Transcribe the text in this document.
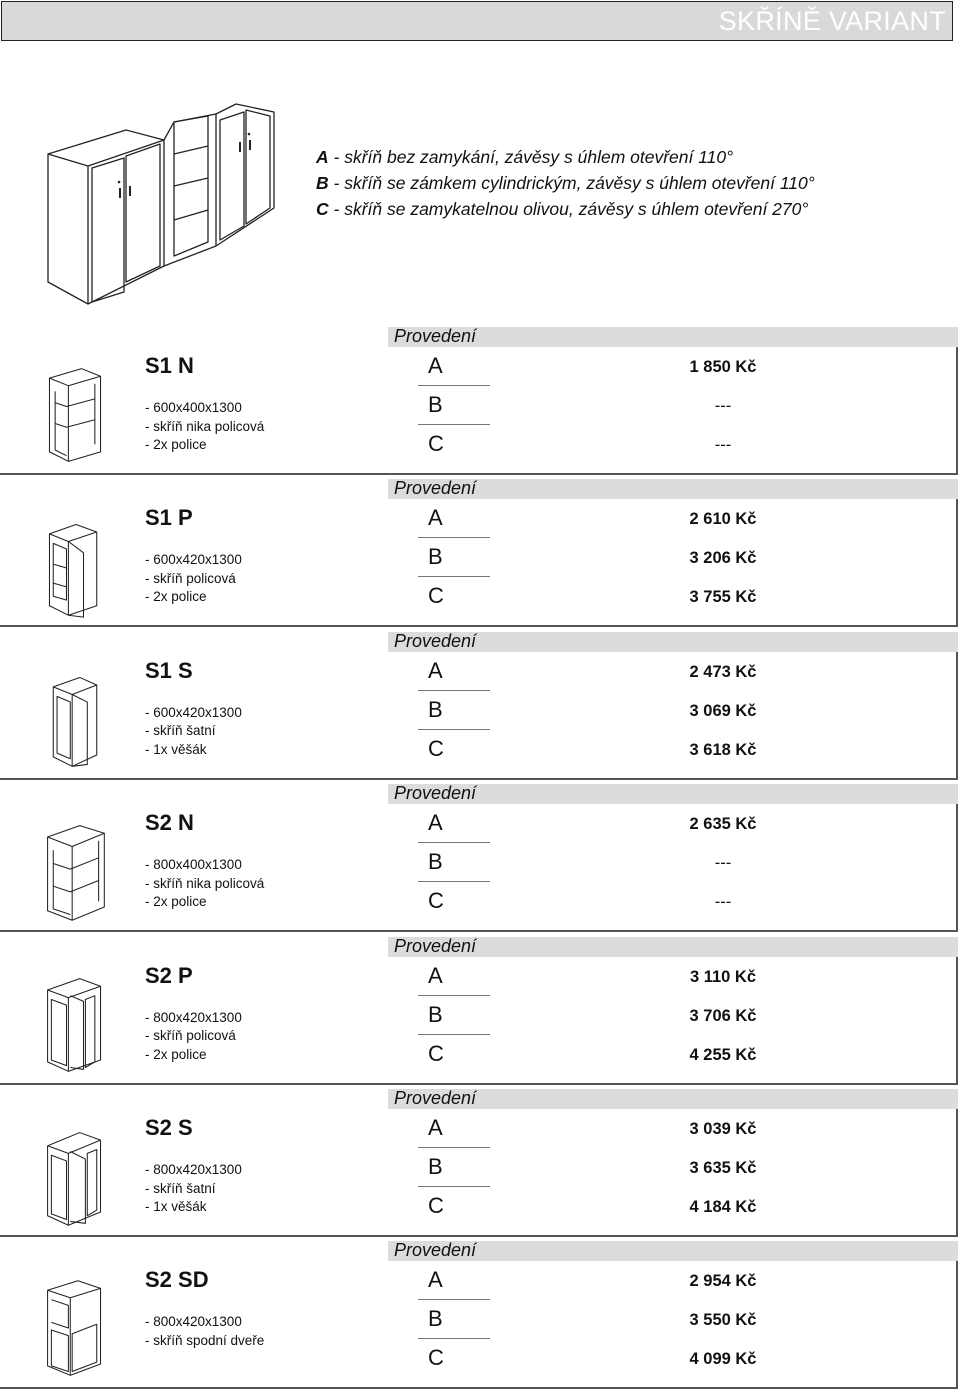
SKŘÍNĚ VARIANT
A - skříň bez zamykání, závěsy s úhlem otevření 110°
B - skříň se zámkem cylindrickým, závěsy s úhlem otevření 110°
C - skříň se zamykatelnou olivou, závěsy s úhlem otevření 270°
S1 N
- 600x400x1300
- skříň nika policová
- 2x police
Provedení
A	1 850 Kč
B	---
C	---
S1 P
- 600x420x1300
- skříň policová
- 2x police
Provedení
A	2 610 Kč
B	3 206 Kč
C	3 755 Kč
S1 S
- 600x420x1300
- skříň šatní
- 1x věšák
Provedení
A	2 473 Kč
B	3 069 Kč
C	3 618 Kč
S2 N
- 800x400x1300
- skříň nika policová
- 2x police
Provedení
A	2 635 Kč
B	---
C	---
S2 P
- 800x420x1300
- skříň policová
- 2x police
Provedení
A	3 110 Kč
B	3 706 Kč
C	4 255 Kč
S2 S
- 800x420x1300
- skříň šatní
- 1x věšák
Provedení
A	3 039 Kč
B	3 635 Kč
C	4 184 Kč
S2 SD
- 800x420x1300
- skříň spodní dveře
Provedení
A	2 954 Kč
B	3 550 Kč
C	4 099 Kč
